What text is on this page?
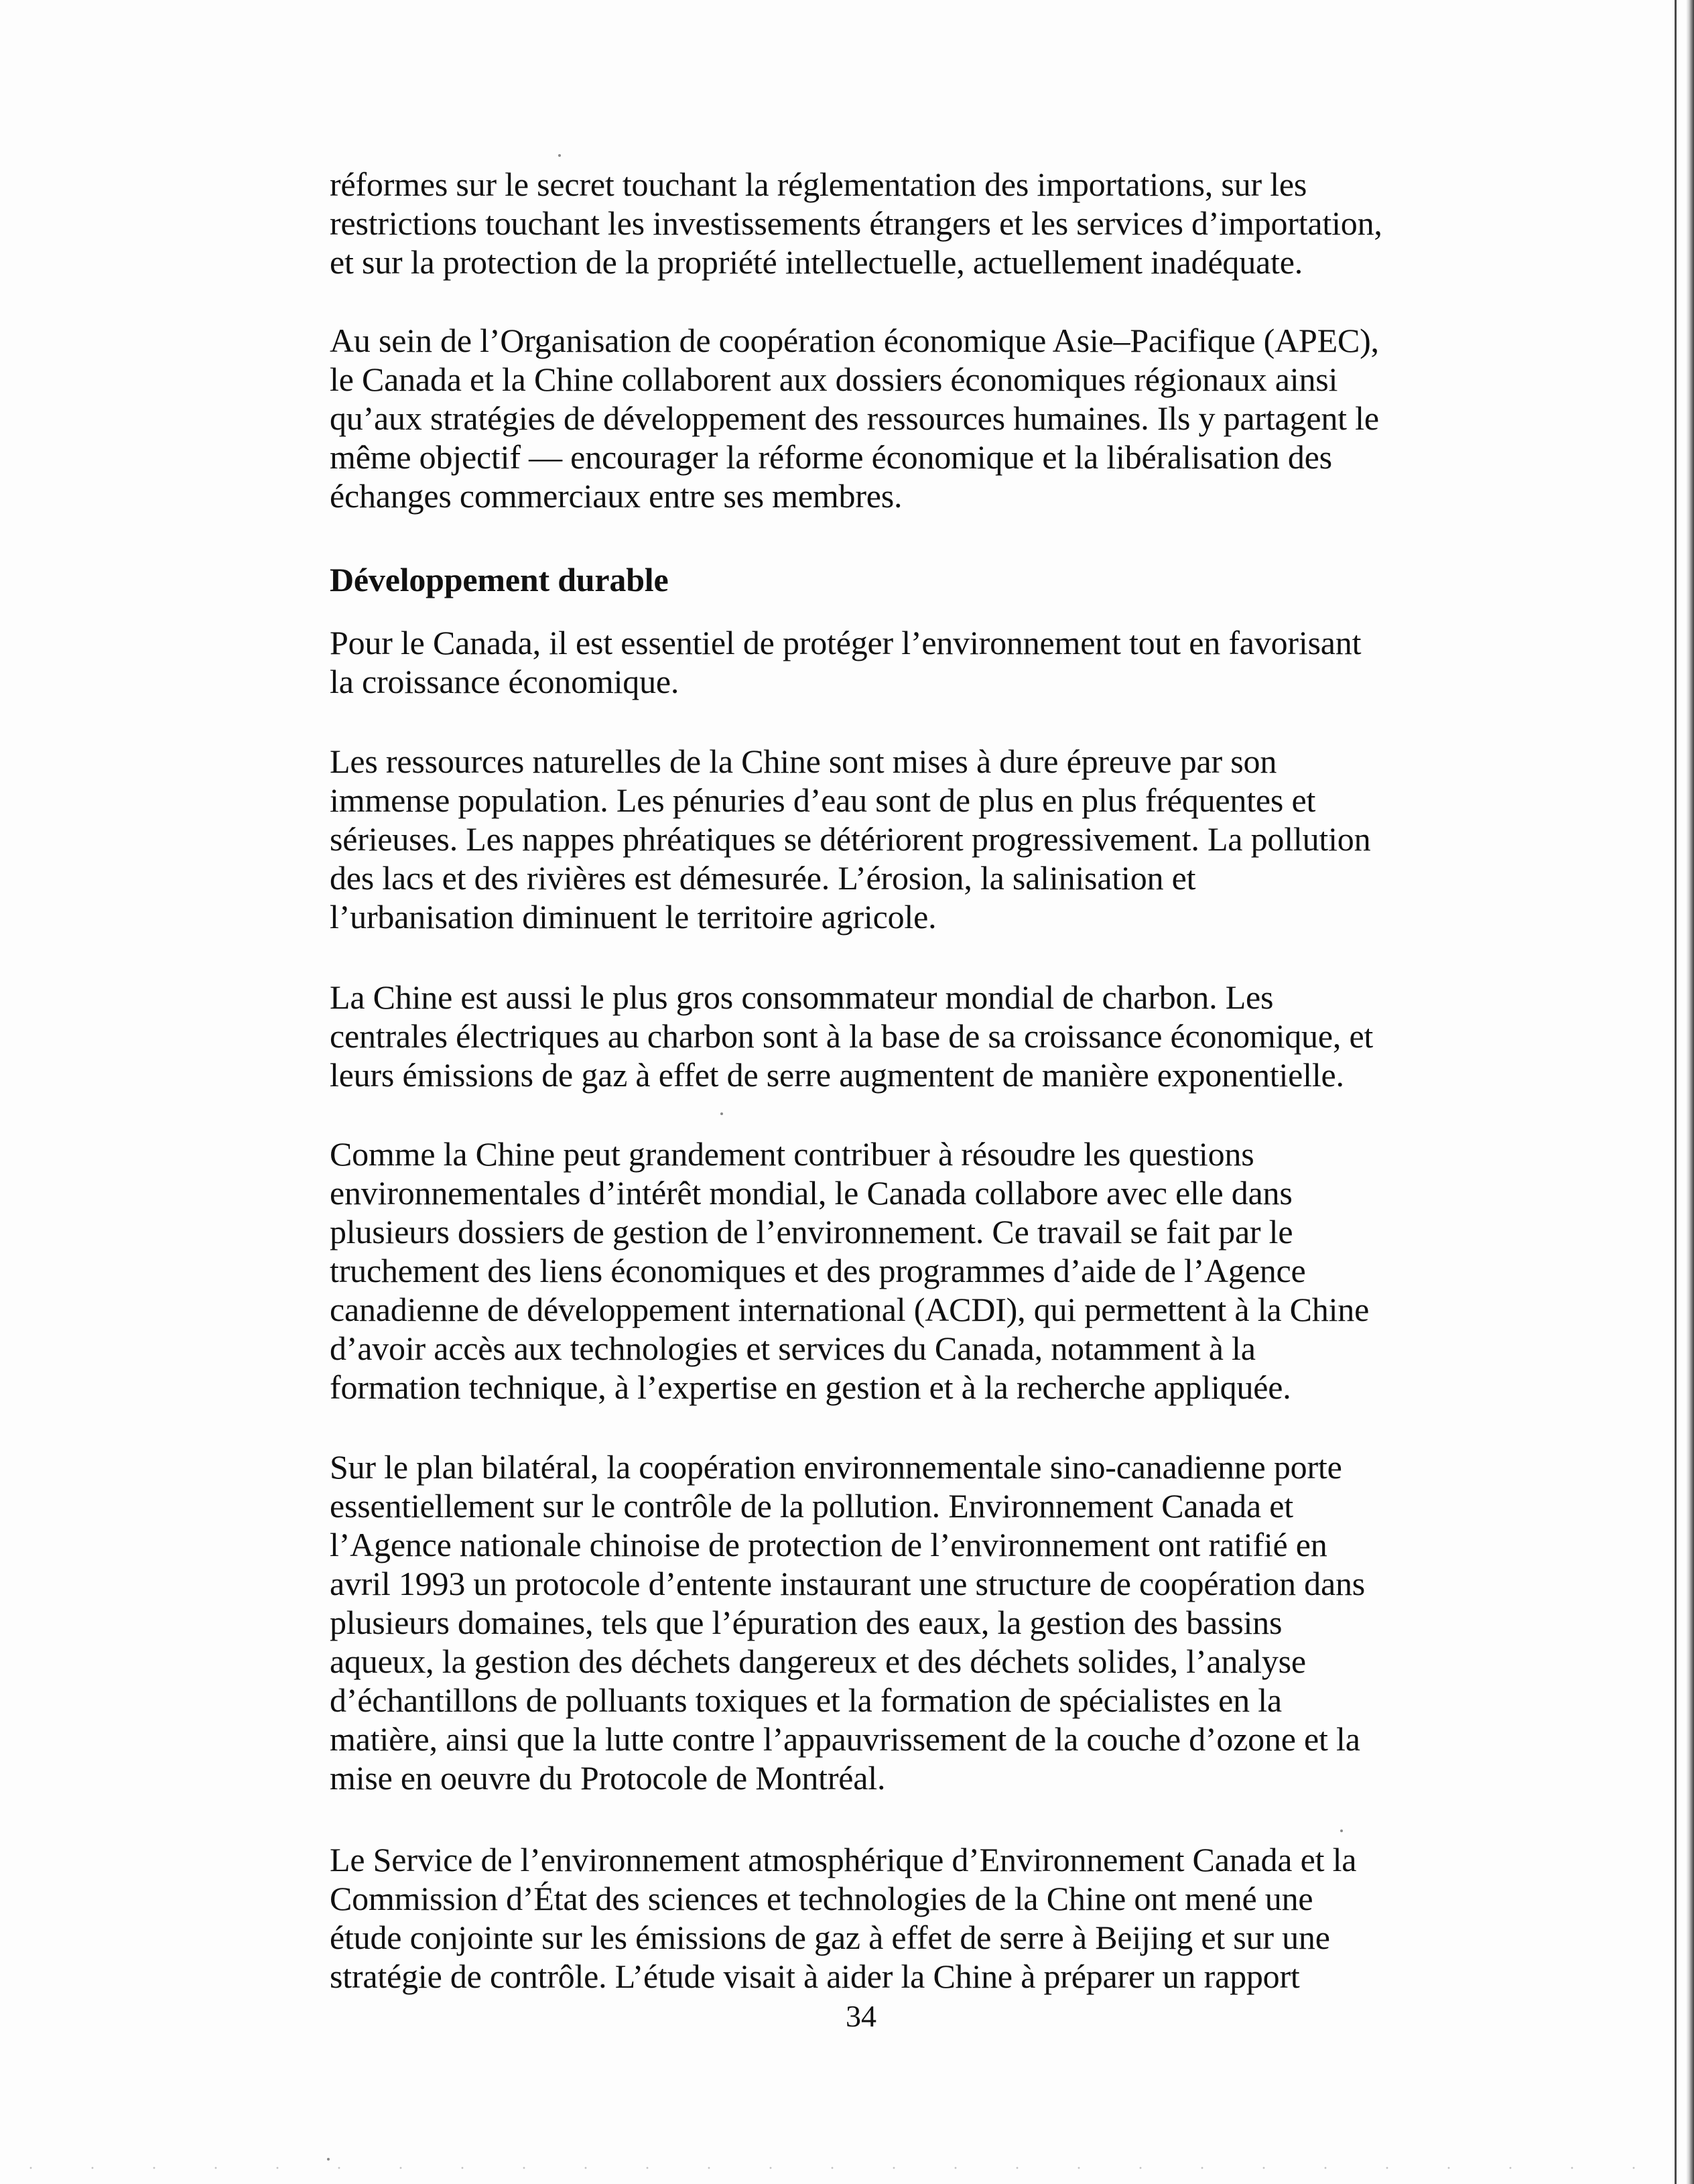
réformes sur le secret touchant la réglementation des importations, sur les
restrictions touchant les investissements étrangers et les services d’importation,
et sur la protection de la propriété intellectuelle, actuellement inadéquate.

Au sein de l’Organisation de coopération économique Asie–Pacifique (APEC),
le Canada et la Chine collaborent aux dossiers économiques régionaux ainsi
qu’aux stratégies de développement des ressources humaines. Ils y partagent le
même objectif — encourager la réforme économique et la libéralisation des
échanges commerciaux entre ses membres.

Développement durable

Pour le Canada, il est essentiel de protéger l’environnement tout en favorisant
la croissance économique.

Les ressources naturelles de la Chine sont mises à dure épreuve par son
immense population. Les pénuries d’eau sont de plus en plus fréquentes et
sérieuses. Les nappes phréatiques se détériorent progressivement. La pollution
des lacs et des rivières est démesurée. L’érosion, la salinisation et
l’urbanisation diminuent le territoire agricole.

La Chine est aussi le plus gros consommateur mondial de charbon. Les
centrales électriques au charbon sont à la base de sa croissance économique, et
leurs émissions de gaz à effet de serre augmentent de manière exponentielle.

Comme la Chine peut grandement contribuer à résoudre les questions
environnementales d’intérêt mondial, le Canada collabore avec elle dans
plusieurs dossiers de gestion de l’environnement. Ce travail se fait par le
truchement des liens économiques et des programmes d’aide de l’Agence
canadienne de développement international (ACDI), qui permettent à la Chine
d’avoir accès aux technologies et services du Canada, notamment à la
formation technique, à l’expertise en gestion et à la recherche appliquée.

Sur le plan bilatéral, la coopération environnementale sino-canadienne porte
essentiellement sur le contrôle de la pollution. Environnement Canada et
l’Agence nationale chinoise de protection de l’environnement ont ratifié en
avril 1993 un protocole d’entente instaurant une structure de coopération dans
plusieurs domaines, tels que l’épuration des eaux, la gestion des bassins
aqueux, la gestion des déchets dangereux et des déchets solides, l’analyse
d’échantillons de polluants toxiques et la formation de spécialistes en la
matière, ainsi que la lutte contre l’appauvrissement de la couche d’ozone et la
mise en oeuvre du Protocole de Montréal.

Le Service de l’environnement atmosphérique d’Environnement Canada et la
Commission d’État des sciences et technologies de la Chine ont mené une
étude conjointe sur les émissions de gaz à effet de serre à Beijing et sur une
stratégie de contrôle. L’étude visait à aider la Chine à préparer un rapport

34
